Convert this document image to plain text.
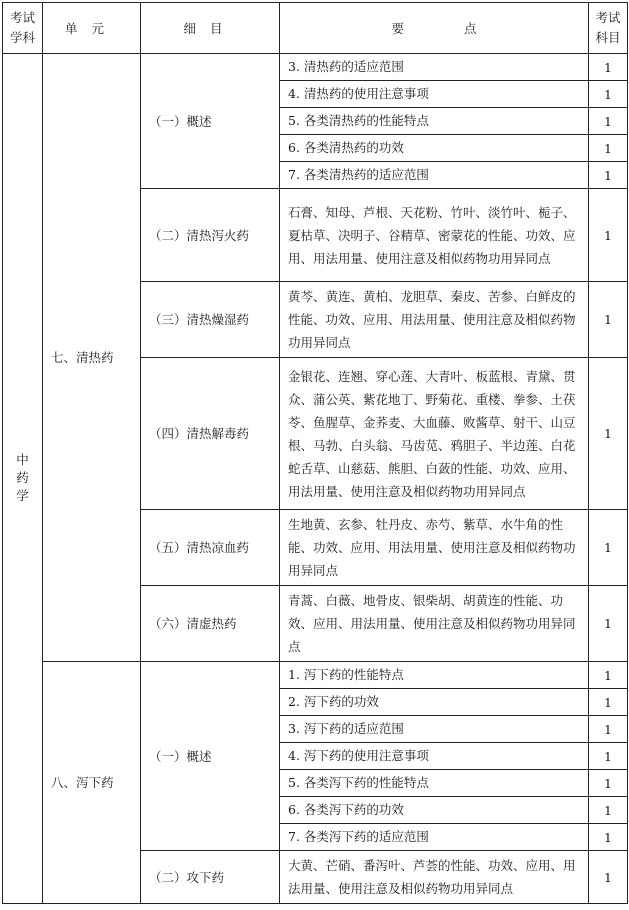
考试学科	单元	细目	要点	考试科目
中药学	七、清热药	（一）概述	3. 清热药的适应范围	1
			4. 清热药的使用注意事项	1
			5. 各类清热药的性能特点	1
			6. 各类清热药的功效	1
			7. 各类清热药的适应范围	1
		（二）清热泻火药	石膏、知母、芦根、天花粉、竹叶、淡竹叶、栀子、夏枯草、决明子、谷精草、密蒙花的性能、功效、应用、用法用量、使用注意及相似药物功用异同点	1
		（三）清热燥湿药	黄芩、黄连、黄柏、龙胆草、秦皮、苦参、白鲜皮的性能、功效、应用、用法用量、使用注意及相似药物功用异同点	1
		（四）清热解毒药	金银花、连翘、穿心莲、大青叶、板蓝根、青黛、贯众、蒲公英、紫花地丁、野菊花、重楼、拳参、土茯苓、鱼腥草、金荞麦、大血藤、败酱草、射干、山豆根、马勃、白头翁、马齿苋、鸦胆子、半边莲、白花蛇舌草、山慈菇、熊胆、白蔹的性能、功效、应用、用法用量、使用注意及相似药物功用异同点	1
		（五）清热凉血药	生地黄、玄参、牡丹皮、赤芍、紫草、水牛角的性能、功效、应用、用法用量、使用注意及相似药物功用异同点	1
		（六）清虚热药	青蒿、白薇、地骨皮、银柴胡、胡黄连的性能、功效、应用、用法用量、使用注意及相似药物功用异同点	1
	八、泻下药	（一）概述	1. 泻下药的性能特点	1
			2. 泻下药的功效	1
			3. 泻下药的适应范围	1
			4. 泻下药的使用注意事项	1
			5. 各类泻下药的性能特点	1
			6. 各类泻下药的功效	1
			7. 各类泻下药的适应范围	1
		（二）攻下药	大黄、芒硝、番泻叶、芦荟的性能、功效、应用、用法用量、使用注意及相似药物功用异同点	1
